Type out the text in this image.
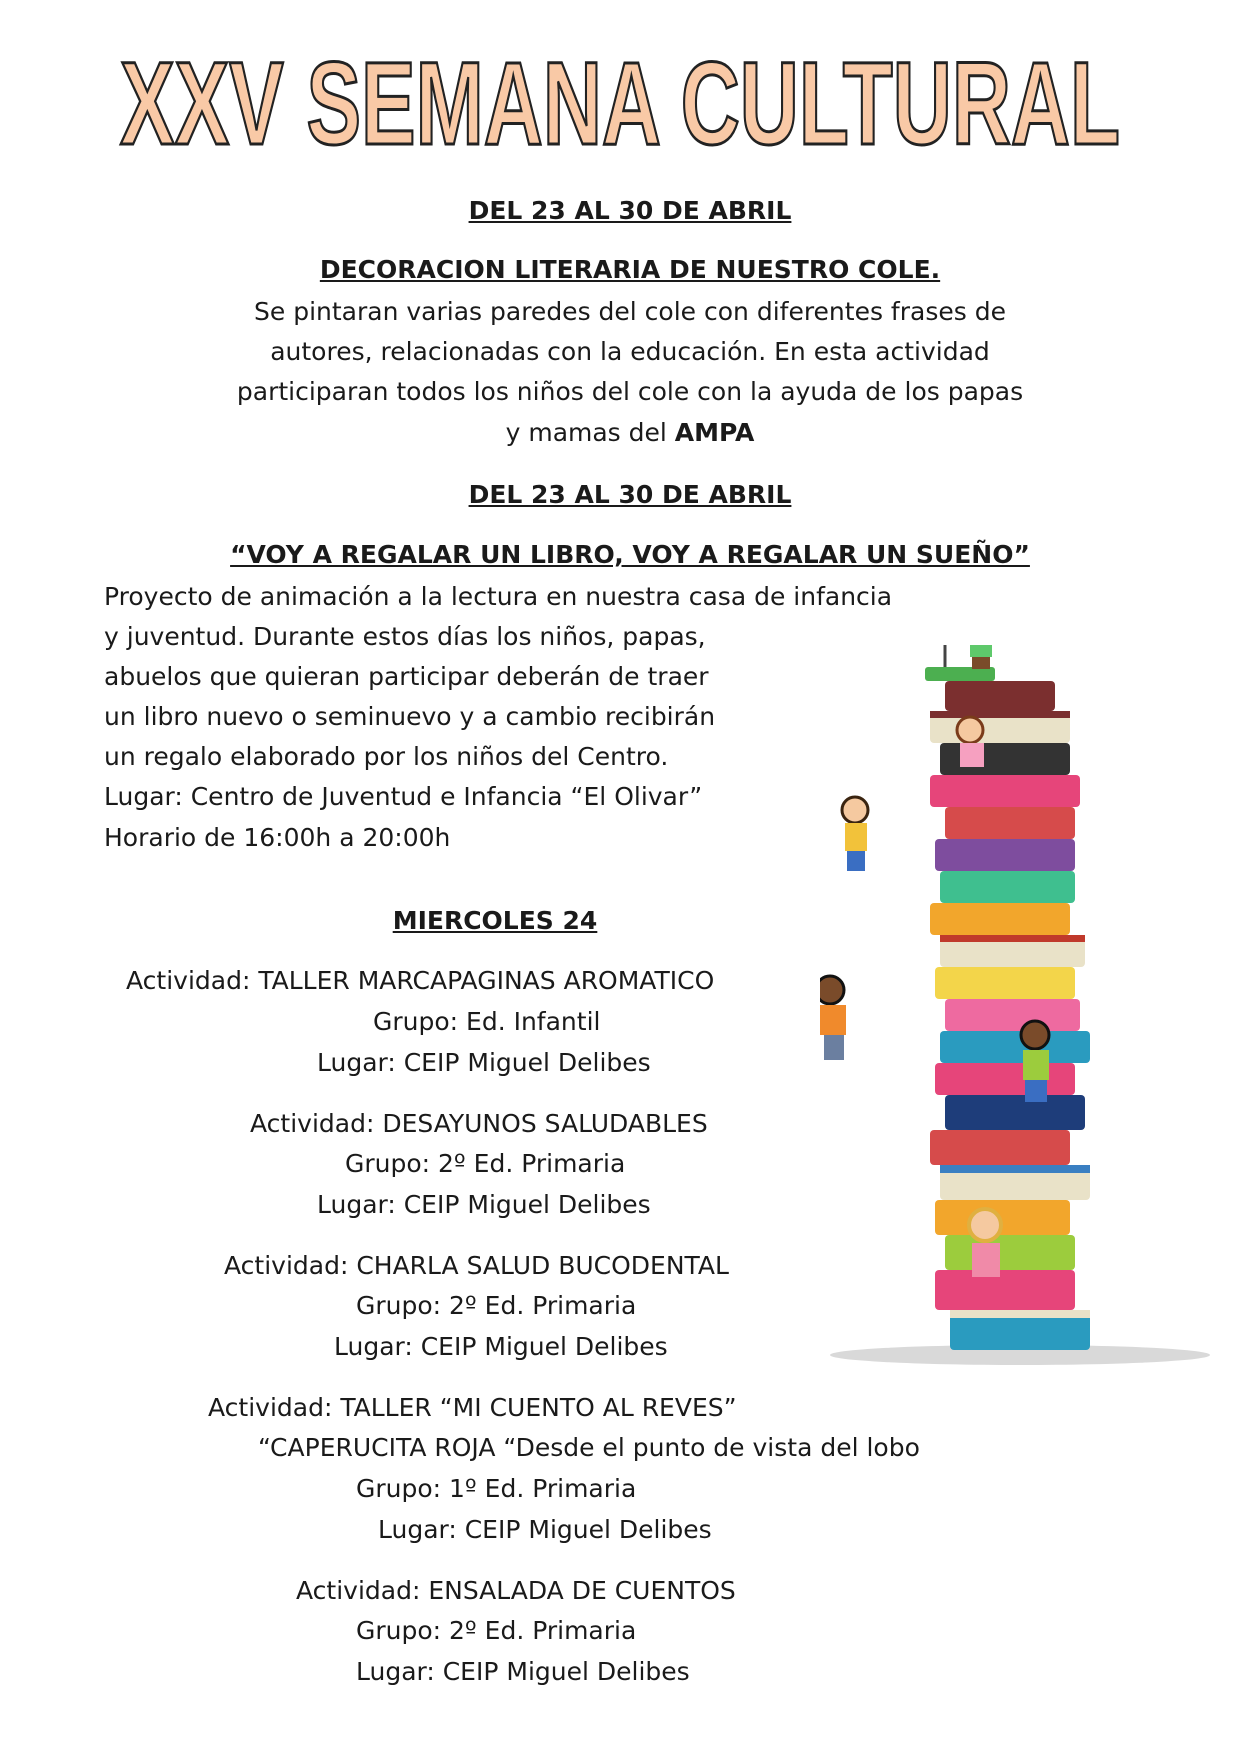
XXV SEMANA CULTURAL
DEL 23 AL 30 DE ABRIL
DECORACION LITERARIA DE NUESTRO COLE.
Se pintaran varias paredes del cole con diferentes frases de
autores, relacionadas con la educación. En esta actividad
participaran todos los niños del cole con la ayuda de los papas
y mamas del AMPA
DEL 23 AL 30 DE ABRIL
“VOY A REGALAR UN LIBRO, VOY A REGALAR UN SUEÑO”
Proyecto de animación a la lectura en nuestra casa de infancia
y juventud. Durante estos días los niños, papas,
abuelos que quieran participar deberán de traer
un libro nuevo o seminuevo y a cambio recibirán
un regalo elaborado por los niños del Centro.
Lugar: Centro de Juventud e Infancia “El Olivar”
Horario de 16:00h a 20:00h
MIERCOLES 24
Actividad: TALLER MARCAPAGINAS AROMATICO
Grupo: Ed. Infantil
Lugar: CEIP Miguel Delibes
Actividad: DESAYUNOS SALUDABLES
Grupo: 2º Ed. Primaria
Lugar: CEIP Miguel Delibes
Actividad: CHARLA SALUD BUCODENTAL
Grupo: 2º Ed. Primaria
Lugar: CEIP Miguel Delibes
Actividad: TALLER “MI CUENTO AL REVES”
“CAPERUCITA ROJA “Desde el punto de vista del lobo
Grupo: 1º Ed. Primaria
Lugar: CEIP Miguel Delibes
Actividad: ENSALADA DE CUENTOS
Grupo: 2º Ed. Primaria
Lugar: CEIP Miguel Delibes
